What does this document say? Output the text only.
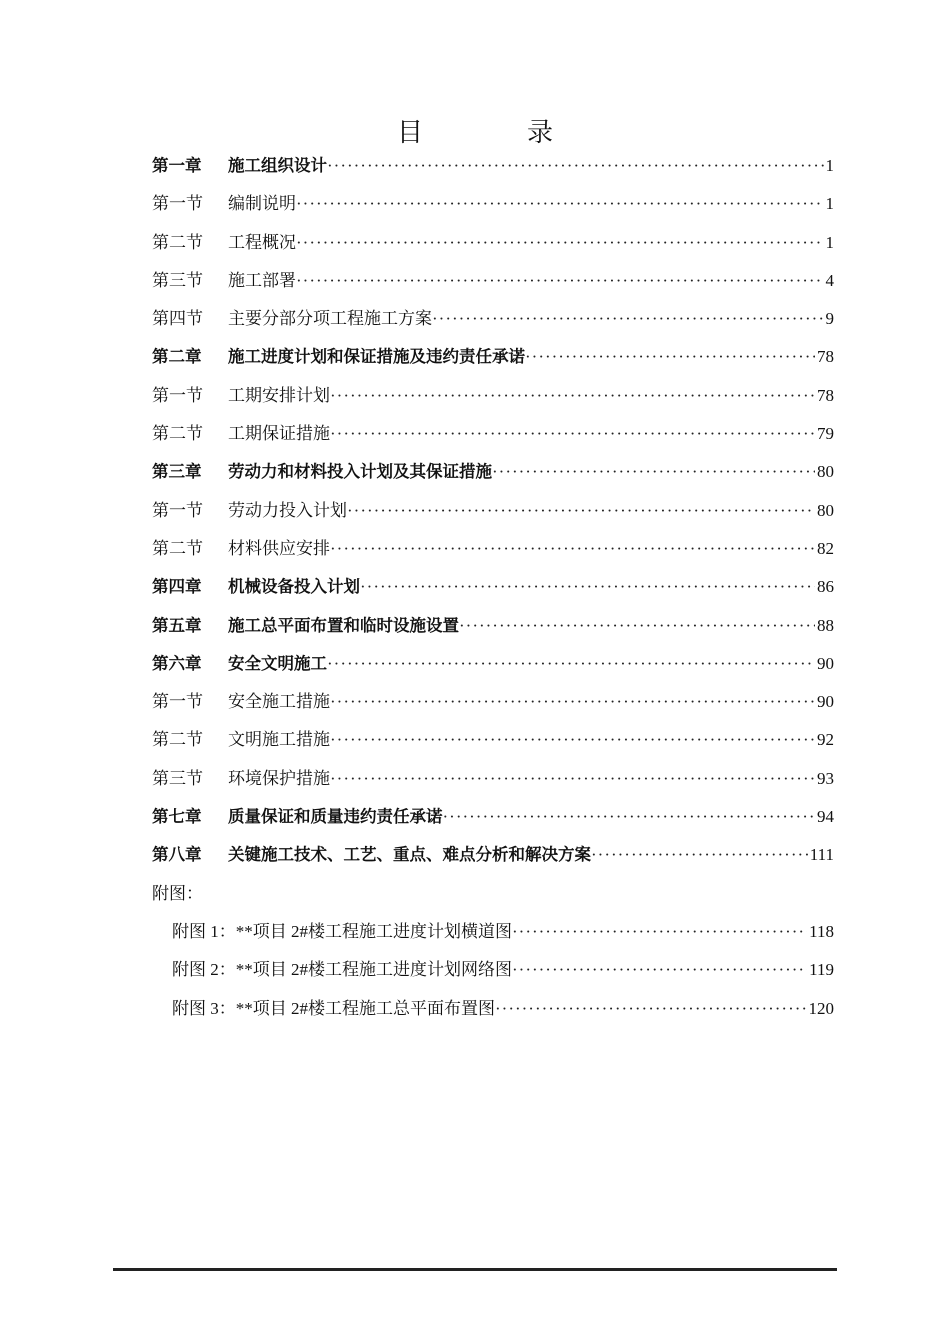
目 录
第一章	施工组织设计 ·····	1
第一节	编制说明 ·····	1
第二节	工程概况 ·····	1
第三节	施工部署 ·····	4
第四节	主要分部分项工程施工方案 ·····	9
第二章	施工进度计划和保证措施及违约责任承诺 ·····	78
第一节	工期安排计划 ·····	78
第二节	工期保证措施 ·····	79
第三章	劳动力和材料投入计划及其保证措施 ·····	80
第一节	劳动力投入计划 ·····	80
第二节	材料供应安排 ·····	82
第四章	机械设备投入计划 ·····	86
第五章	施工总平面布置和临时设施设置 ·····	88
第六章	安全文明施工 ·····	90
第一节	安全施工措施 ·····	90
第二节	文明施工措施 ·····	92
第三节	环境保护措施 ·····	93
第七章	质量保证和质量违约责任承诺 ·····	94
第八章	关键施工技术、工艺、重点、难点分析和解决方案 ·····	111
附图：
附图 1：**项目 2#楼工程施工进度计划横道图 ·····	118
附图 2：**项目 2#楼工程施工进度计划网络图 ·····	119
附图 3：**项目 2#楼工程施工总平面布置图 ·····	120
